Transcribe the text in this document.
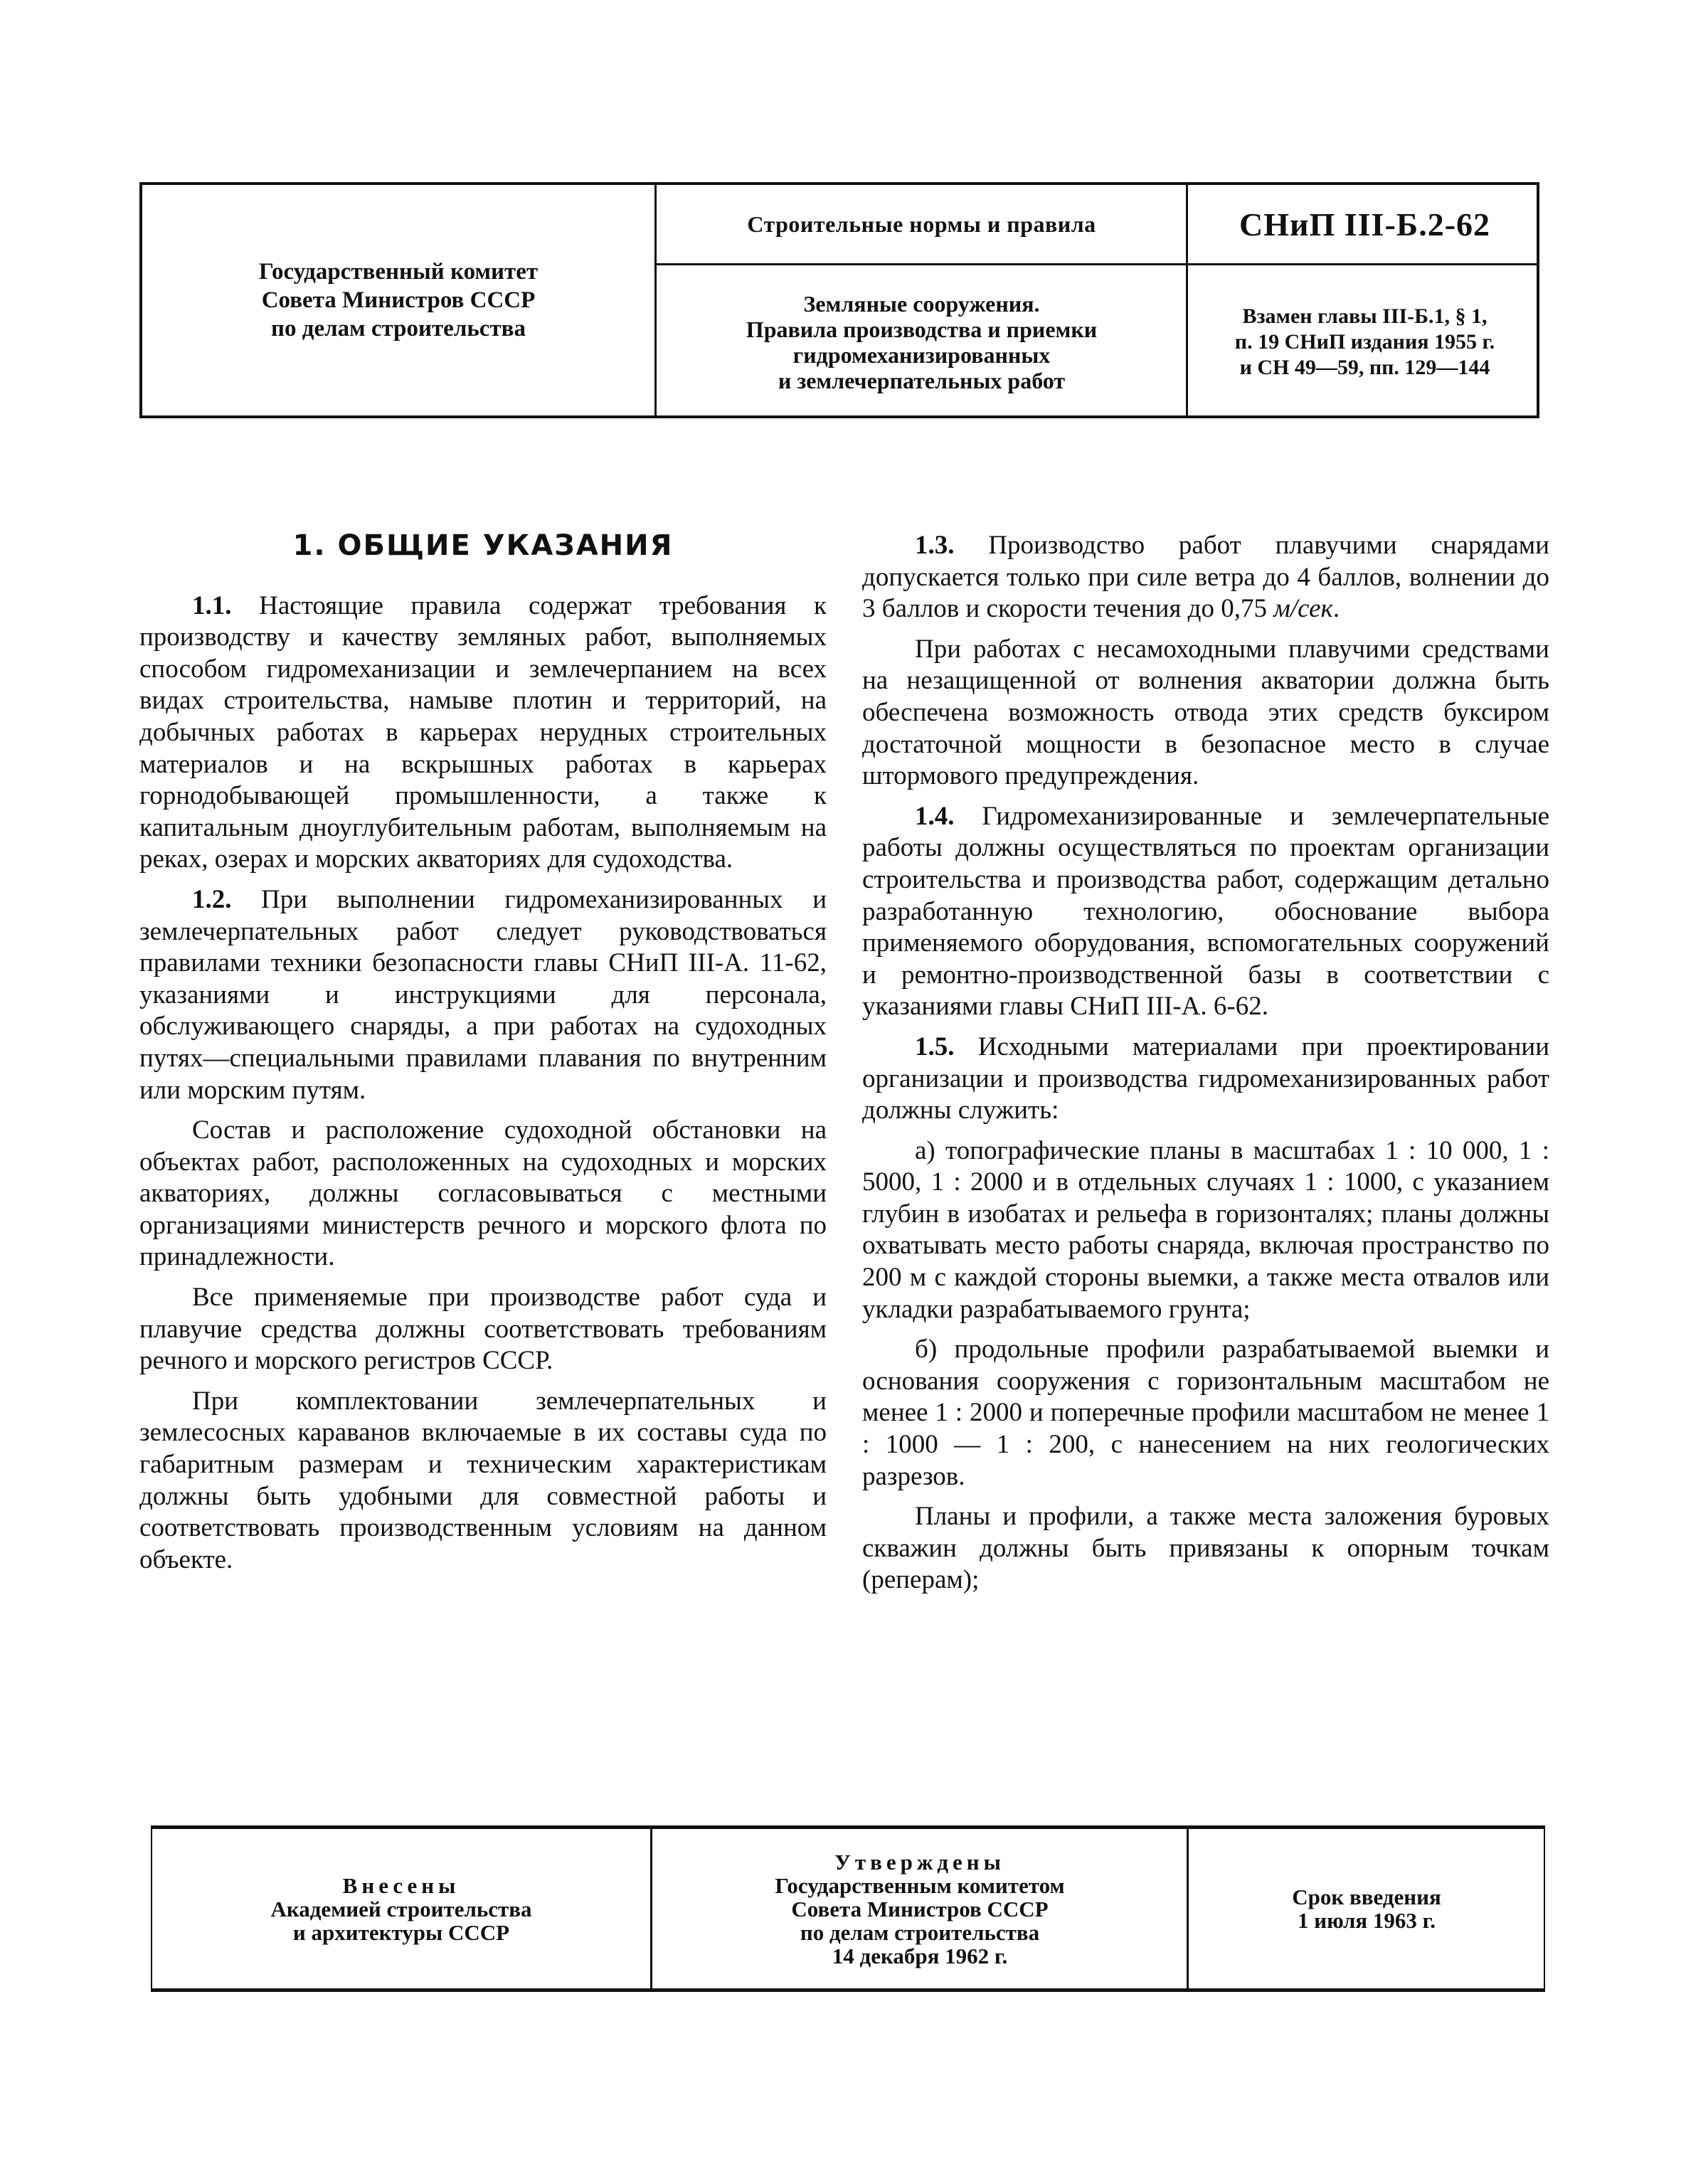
Государственный комитет
Совета Министров СССР
по делам строительства
Строительные нормы и правила	СНиП III-Б.2-62
Земляные сооружения.
Правила производства и приемки
гидромеханизированных
и землечерпательных работ
Взамен главы III-Б.1, § 1,
п. 19 СНиП издания 1955 г.
и СН 49—59, пп. 129—144
1. ОБЩИЕ УКАЗАНИЯ

1.1. Настоящие правила содержат требования к производству и качеству земляных работ, выполняемых способом гидромеханизации и землечерпанием на всех видах строительства, намыве плотин и территорий, на добычных работах в карьерах нерудных строительных материалов и на вскрышных работах в карьерах горнодобывающей промышленности, а также к капитальным дноуглубительным работам, выполняемым на реках, озерах и морских акваториях для судоходства.

1.2. При выполнении гидромеханизированных и землечерпательных работ следует руководствоваться правилами техники безопасности главы СНиП III-А. 11-62, указаниями и инструкциями для персонала, обслуживающего снаряды, а при работах на судоходных путях—специальными правилами плавания по внутренним или морским путям.

Состав и расположение судоходной обстановки на объектах работ, расположенных на судоходных и морских акваториях, должны согласовываться с местными организациями министерств речного и морского флота по принадлежности.

Все применяемые при производстве работ суда и плавучие средства должны соответствовать требованиям речного и морского регистров СССР.

При комплектовании землечерпательных и землесосных караванов включаемые в их составы суда по габаритным размерам и техническим характеристикам должны быть удобными для совместной работы и соответствовать производственным условиям на данном объекте.

1.3. Производство работ плавучими снарядами допускается только при силе ветра до 4 баллов, волнении до 3 баллов и скорости течения до 0,75 м/сек.

При работах с несамоходными плавучими средствами на незащищенной от волнения акватории должна быть обеспечена возможность отвода этих средств буксиром достаточной мощности в безопасное место в случае штормового предупреждения.

1.4. Гидромеханизированные и землечерпательные работы должны осуществляться по проектам организации строительства и производства работ, содержащим детально разработанную технологию, обоснование выбора применяемого оборудования, вспомогательных сооружений и ремонтно-производственной базы в соответствии с указаниями главы СНиП III-А. 6-62.

1.5. Исходными материалами при проектировании организации и производства гидромеханизированных работ должны служить:

а) топографические планы в масштабах 1 : 10 000, 1 : 5000, 1 : 2000 и в отдельных случаях 1 : 1000, с указанием глубин в изобатах и рельефа в горизонталях; планы должны охватывать место работы снаряда, включая пространство по 200 м с каждой стороны выемки, а также места отвалов или укладки разрабатываемого грунта;

б) продольные профили разрабатываемой выемки и основания сооружения с горизонтальным масштабом не менее 1 : 2000 и поперечные профили масштабом не менее 1 : 1000 — 1 : 200, с нанесением на них геологических разрезов.

Планы и профили, а также места заложения буровых скважин должны быть привязаны к опорным точкам (реперам);

Внесены
Академией строительства
и архитектуры СССР
Утверждены
Государственным комитетом
Совета Министров СССР
по делам строительства
14 декабря 1962 г.
Срок введения
1 июля 1963 г.
